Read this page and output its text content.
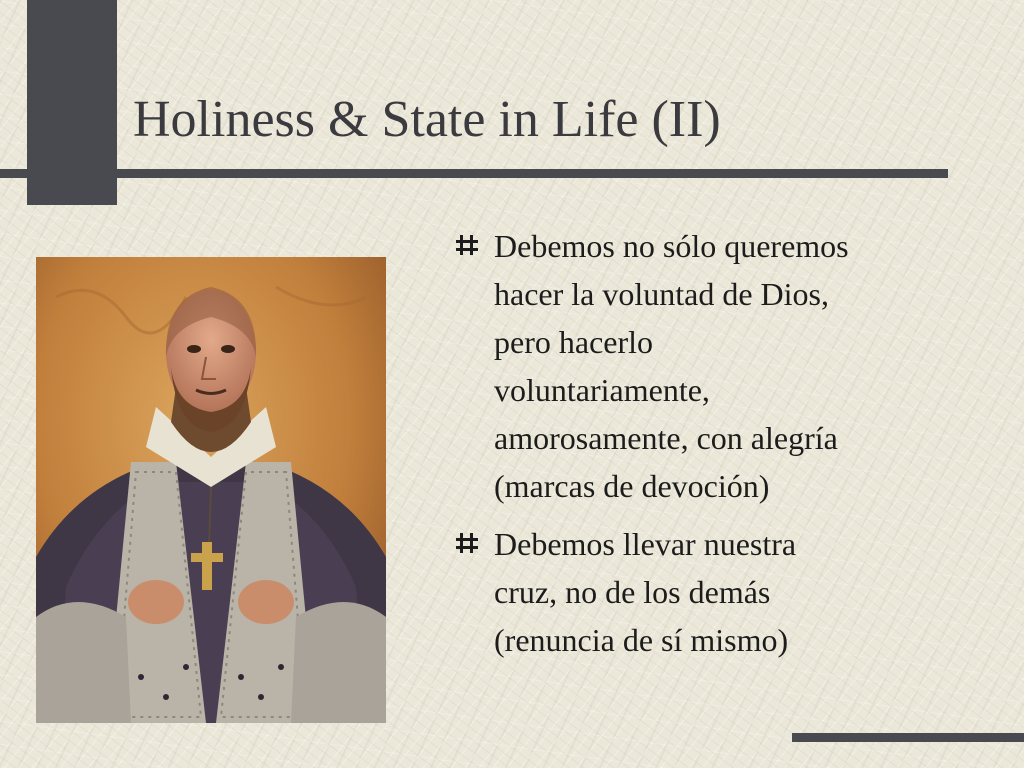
Holiness & State in Life (II)
Debemos no sólo queremos
hacer la voluntad de Dios,
pero hacerlo
voluntariamente,
amorosamente, con alegría
(marcas de devoción)
Debemos llevar nuestra
cruz, no de los demás
(renuncia de sí mismo)
